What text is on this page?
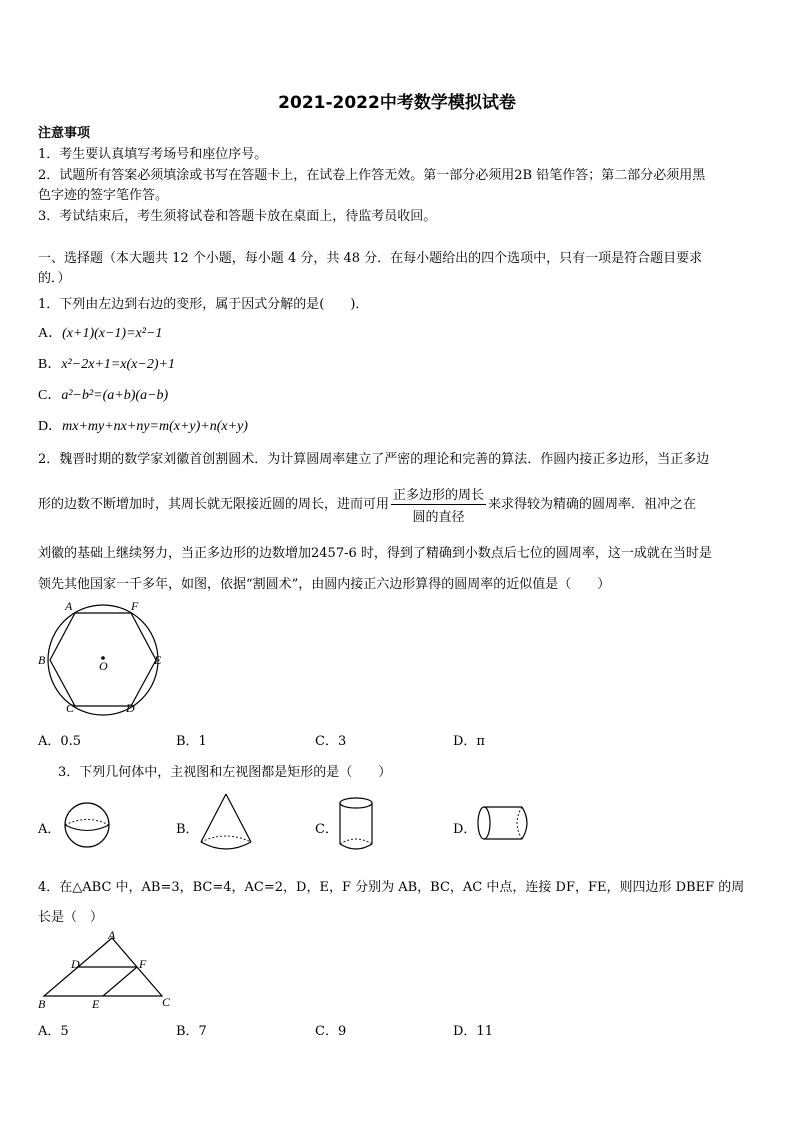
2021-2022中考数学模拟试卷
注意事项
1．考生要认真填写考场号和座位序号。
2．试题所有答案必须填涂或书写在答题卡上，在试卷上作答无效。第一部分必须用2B 铅笔作答；第二部分必须用黑
色字迹的签字笔作答。
3．考试结束后，考生须将试卷和答题卡放在桌面上，待监考员收回。
一、选择题（本大题共 12 个小题，每小题 4 分，共 48 分．在每小题给出的四个选项中，只有一项是符合题目要求
的．）
1．下列由左边到右边的变形，属于因式分解的是(　　)．
A．(x+1)(x−1)=x²−1
B．x²−2x+1=x(x−2)+1
C．a²−b²=(a+b)(a−b)
D．mx+my+nx+ny=m(x+y)+n(x+y)
2．魏晋时期的数学家刘徽首创割圆术．为计算圆周率建立了严密的理论和完善的算法．作圆内接正多边形，当正多边
形的边数不断增加时，其周长就无限接近圆的周长，进而可用 $\frac{\text{正多边形的周长}}{\text{圆的直径}}$ 来求得较为精确的圆周率．祖冲之在
刘徽的基础上继续努力，当正多边形的边数增加2457-6 时，得到了精确到小数点后七位的圆周率，这一成就在当时是
领先其他国家一千多年，如图，依据“割圆术”，由圆内接正六边形算得的圆周率的近似值是（　　）
A	F
B	E
C	D
O
A．0.5	B．1	C．3	D．π
3．下列几何体中，主视图和左视图都是矩形的是（　　）
A．	B．	C．	D．
4．在△ABC 中，AB=3，BC=4，AC=2，D，E，F 分别为 AB，BC，AC 中点，连接 DF，FE，则四边形 DBEF 的周
长是（　）
A
D	F
B	E	C
A．5	B．7	C．9	D．11
